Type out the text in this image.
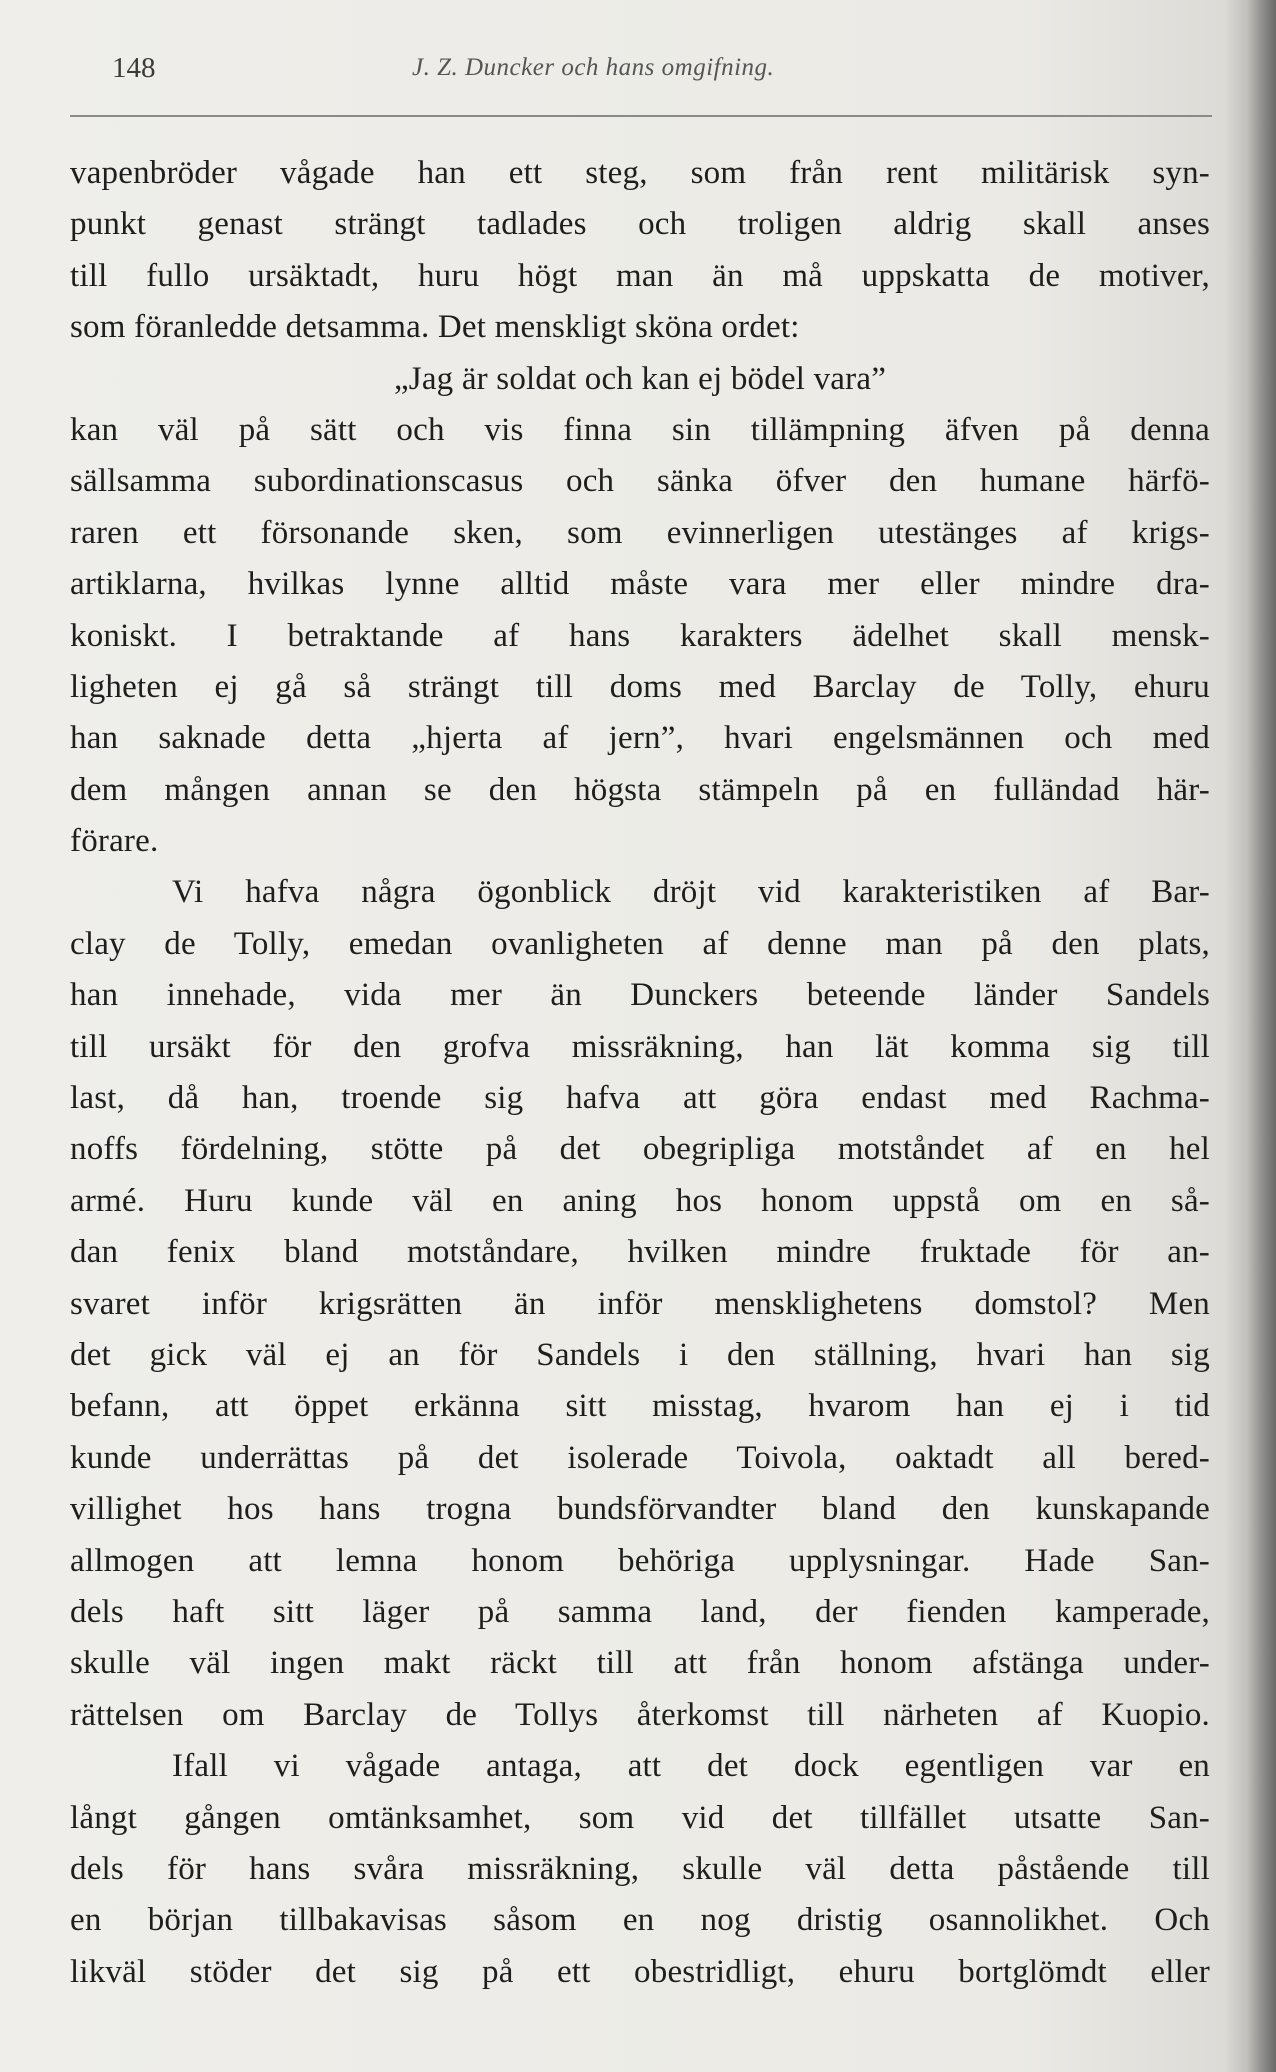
148	J. Z. Duncker och hans omgifning.
vapenbröder vågade han ett steg, som från rent militärisk syn-
punkt genast strängt tadlades och troligen aldrig skall anses
till fullo ursäktadt, huru högt man än må uppskatta de motiver,
som föranledde detsamma. Det menskligt sköna ordet:
„Jag är soldat och kan ej bödel vara”
kan väl på sätt och vis finna sin tillämpning äfven på denna
sällsamma subordinationscasus och sänka öfver den humane härfö-
raren ett försonande sken, som evinnerligen utestänges af krigs-
artiklarna, hvilkas lynne alltid måste vara mer eller mindre dra-
koniskt. I betraktande af hans karakters ädelhet skall mensk-
ligheten ej gå så strängt till doms med Barclay de Tolly, ehuru
han saknade detta „hjerta af jern”, hvari engelsmännen och med
dem mången annan se den högsta stämpeln på en fulländad här-
förare.
Vi hafva några ögonblick dröjt vid karakteristiken af Bar-
clay de Tolly, emedan ovanligheten af denne man på den plats,
han innehade, vida mer än Dunckers beteende länder Sandels
till ursäkt för den grofva missräkning, han lät komma sig till
last, då han, troende sig hafva att göra endast med Rachma-
noffs fördelning, stötte på det obegripliga motståndet af en hel
armé. Huru kunde väl en aning hos honom uppstå om en så-
dan fenix bland motståndare, hvilken mindre fruktade för an-
svaret inför krigsrätten än inför mensklighetens domstol? Men
det gick väl ej an för Sandels i den ställning, hvari han sig
befann, att öppet erkänna sitt misstag, hvarom han ej i tid
kunde underrättas på det isolerade Toivola, oaktadt all bered-
villighet hos hans trogna bundsförvandter bland den kunskapande
allmogen att lemna honom behöriga upplysningar. Hade San-
dels haft sitt läger på samma land, der fienden kamperade,
skulle väl ingen makt räckt till att från honom afstänga under-
rättelsen om Barclay de Tollys återkomst till närheten af Kuopio.
Ifall vi vågade antaga, att det dock egentligen var en
långt gången omtänksamhet, som vid det tillfället utsatte San-
dels för hans svåra missräkning, skulle väl detta påstående till
en början tillbakavisas såsom en nog dristig osannolikhet. Och
likväl stöder det sig på ett obestridligt, ehuru bortglömdt eller
